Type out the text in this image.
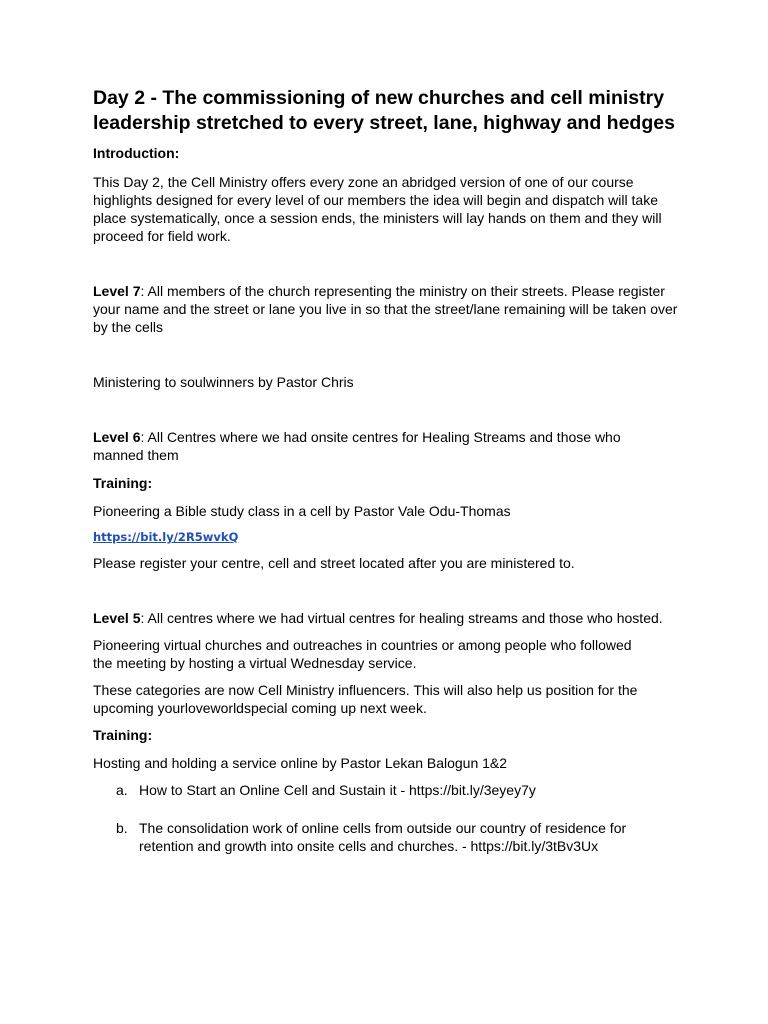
Day 2 - The commissioning of new churches and cell ministry leadership stretched to every street, lane, highway and hedges

Introduction:

This Day 2, the Cell Ministry offers every zone an abridged version of one of our course highlights designed for every level of our members the idea will begin and dispatch will take place systematically, once a session ends, the ministers will lay hands on them and they will proceed for field work.

Level 7: All members of the church representing the ministry on their streets. Please register your name and the street or lane you live in so that the street/lane remaining will be taken over by the cells

Ministering to soulwinners by Pastor Chris

Level 6: All Centres where we had onsite centres for Healing Streams and those who manned them

Training:

Pioneering a Bible study class in a cell by Pastor Vale Odu-Thomas

https://bit.ly/2R5wvkQ

Please register your centre, cell and street located after you are ministered to.

Level 5: All centres where we had virtual centres for healing streams and those who hosted.

Pioneering virtual churches and outreaches in countries or among people who followed the meeting by hosting a virtual Wednesday service.

These categories are now Cell Ministry influencers. This will also help us position for the upcoming yourloveworldspecial coming up next week.

Training:

Hosting and holding a service online by Pastor Lekan Balogun 1&2

a. How to Start an Online Cell and Sustain it - https://bit.ly/3eyey7y
b. The consolidation work of online cells from outside our country of residence for retention and growth into onsite cells and churches. - https://bit.ly/3tBv3Ux
